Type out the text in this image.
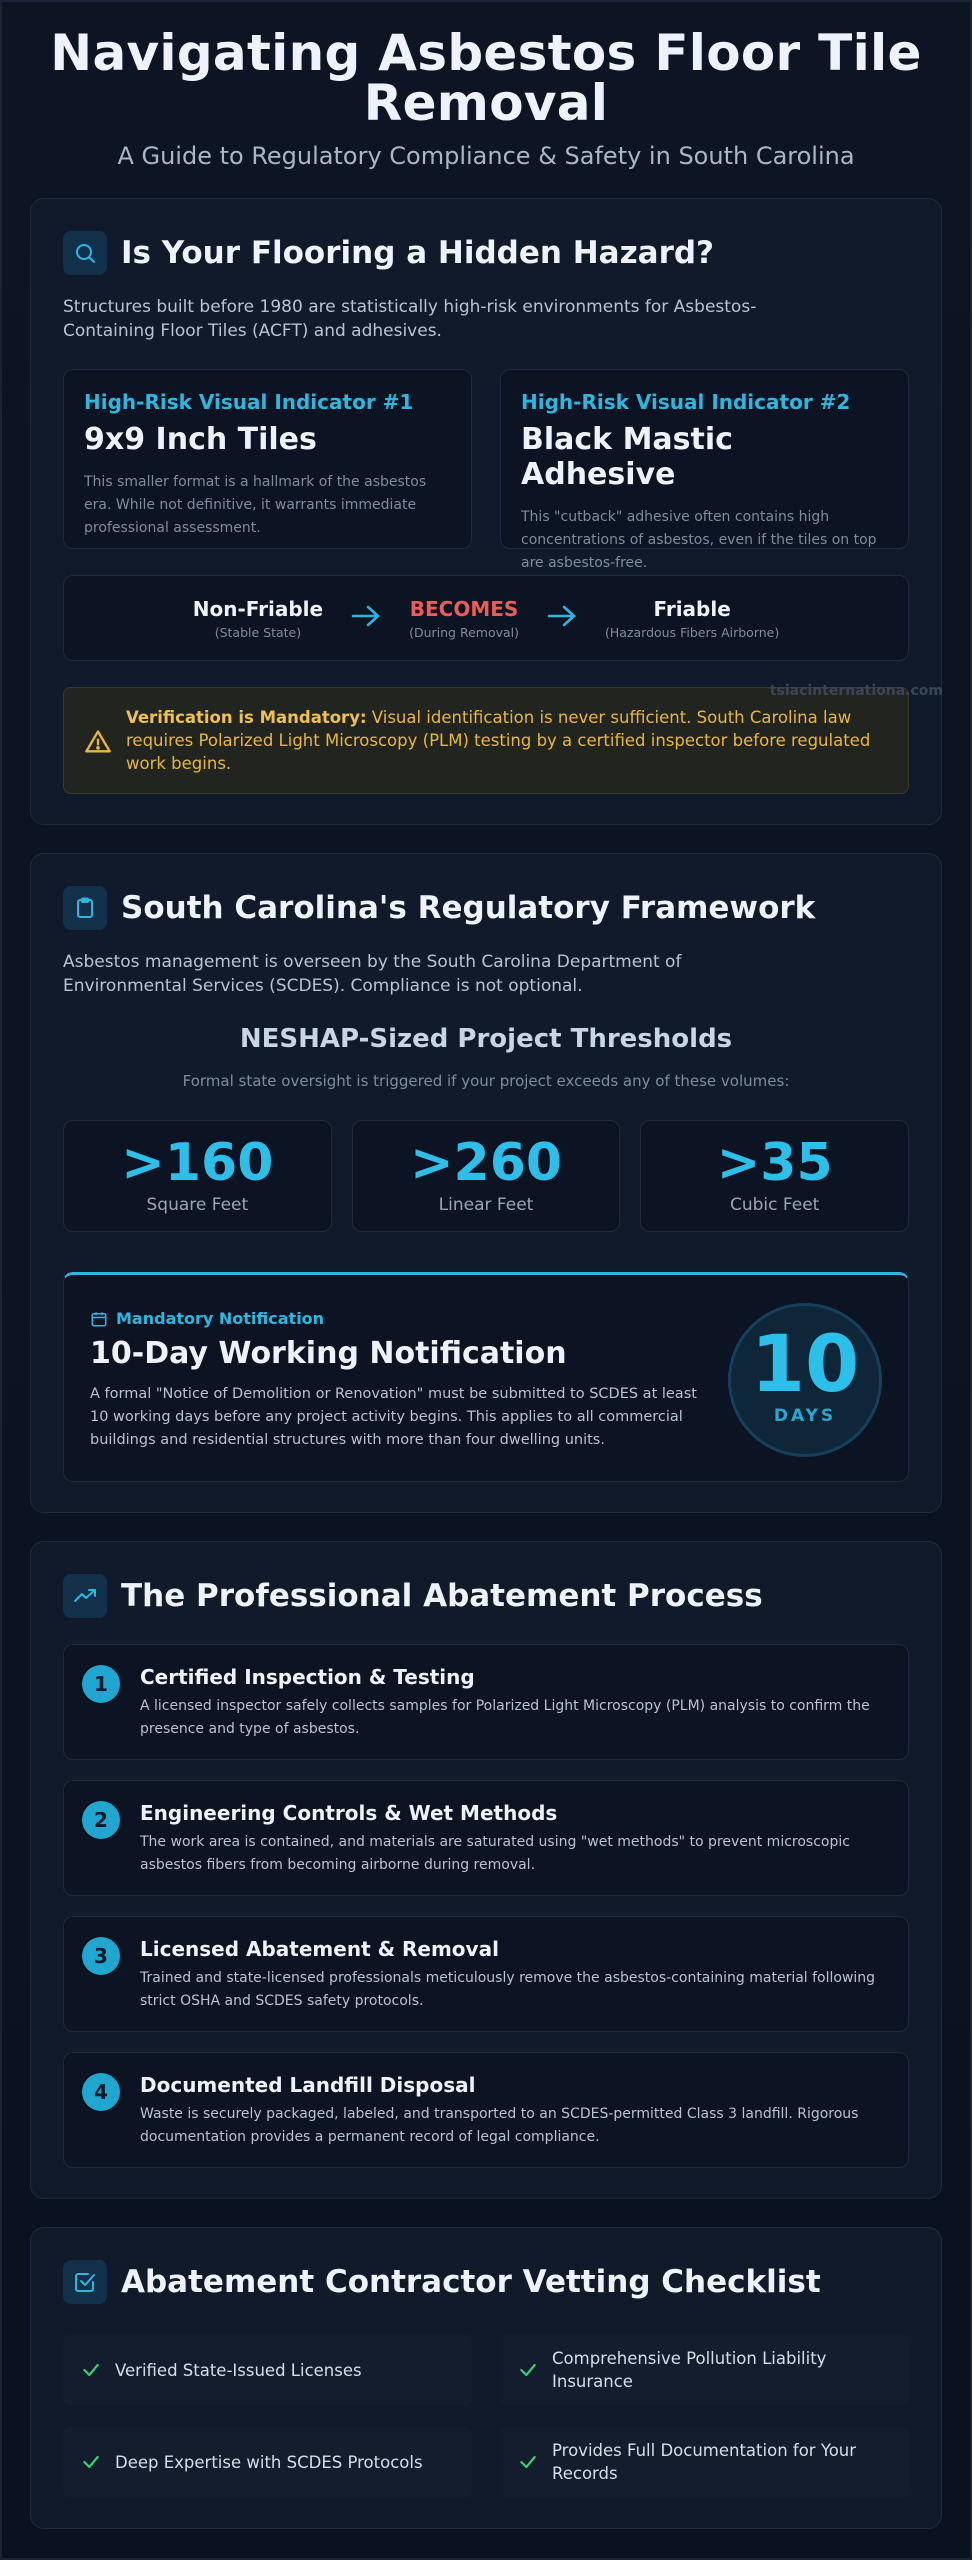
Navigating Asbestos Floor Tile Removal
A Guide to Regulatory Compliance & Safety in South Carolina
Is Your Flooring a Hidden Hazard?

Structures built before 1980 are statistically high-risk environments for Asbestos-Containing Floor Tiles (ACFT) and adhesives.

High-Risk Visual Indicator #1
9x9 Inch Tiles
This smaller format is a hallmark of the asbestos era. While not definitive, it warrants immediate professional assessment.
High-Risk Visual Indicator #2
Black Mastic Adhesive
This "cutback" adhesive often contains high concentrations of asbestos, even if the tiles on top are asbestos-free.
Non-Friable
(Stable State)
BECOMES
(During Removal)
Friable
(Hazardous Fibers Airborne)
tsiacinternationa.com
Verification is Mandatory: Visual identification is never sufficient. South Carolina law requires Polarized Light Microscopy (PLM) testing by a certified inspector before regulated work begins.
South Carolina's Regulatory Framework

Asbestos management is overseen by the South Carolina Department of Environmental Services (SCDES). Compliance is not optional.

NESHAP-Sized Project Thresholds
Formal state oversight is triggered if your project exceeds any of these volumes:
>160
Square Feet
>260
Linear Feet
>35
Cubic Feet
Mandatory Notification
10-Day Working Notification

A formal "Notice of Demolition or Renovation" must be submitted to SCDES at least 10 working days before any project activity begins. This applies to all commercial buildings and residential structures with more than four dwelling units.

10
DAYS
The Professional Abatement Process
1	Certified Inspection & Testing
A licensed inspector safely collects samples for Polarized Light Microscopy (PLM) analysis to confirm the presence and type of asbestos.
2	Engineering Controls & Wet Methods
The work area is contained, and materials are saturated using "wet methods" to prevent microscopic asbestos fibers from becoming airborne during removal.
3	Licensed Abatement & Removal
Trained and state-licensed professionals meticulously remove the asbestos-containing material following strict OSHA and SCDES safety protocols.
4	Documented Landfill Disposal
Waste is securely packaged, labeled, and transported to an SCDES-permitted Class 3 landfill. Rigorous documentation provides a permanent record of legal compliance.
Abatement Contractor Vetting Checklist
Verified State-Issued Licenses
Comprehensive Pollution Liability Insurance
Deep Expertise with SCDES Protocols
Provides Full Documentation for Your Records
